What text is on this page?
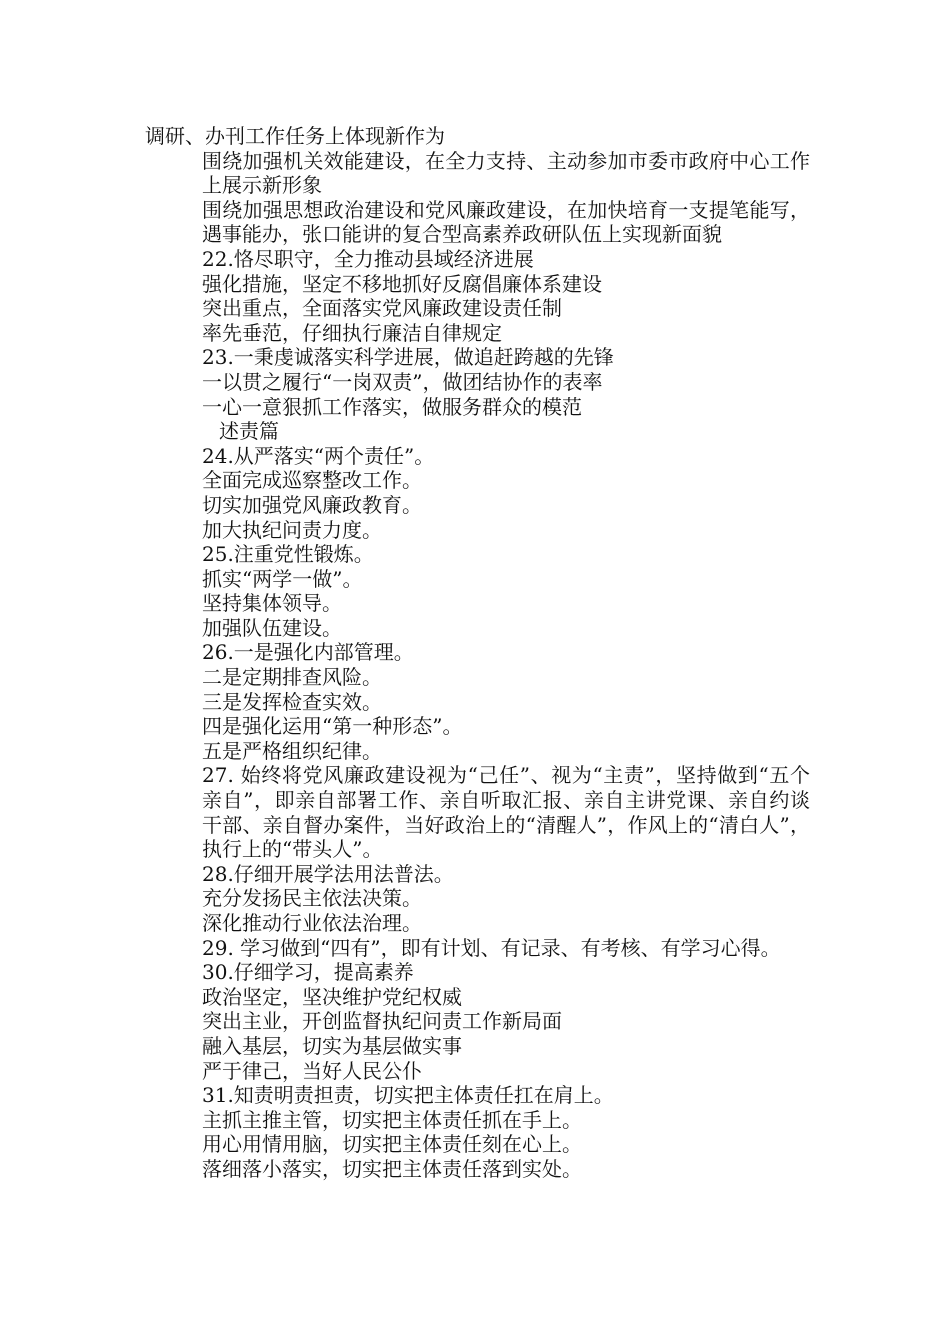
调研、办刊工作任务上体现新作为
围绕加强机关效能建设，在全力支持、主动参加市委市政府中心工作上展示新形象
围绕加强思想政治建设和党风廉政建设，在加快培育一支提笔能写，遇事能办，张口能讲的复合型高素养政研队伍上实现新面貌
22.恪尽职守，全力推动县域经济进展
强化措施，坚定不移地抓好反腐倡廉体系建设
突出重点，全面落实党风廉政建设责任制
率先垂范，仔细执行廉洁自律规定
23.一秉虔诚落实科学进展，做追赶跨越的先锋
一以贯之履行“一岗双责”，做团结协作的表率
一心一意狠抓工作落实，做服务群众的模范
述责篇
24.从严落实“两个责任”。
全面完成巡察整改工作。
切实加强党风廉政教育。
加大执纪问责力度。
25.注重党性锻炼。
抓实“两学一做”。
坚持集体领导。
加强队伍建设。
26.一是强化内部管理。
二是定期排查风险。
三是发挥检查实效。
四是强化运用“第一种形态”。
五是严格组织纪律。
27. 始终将党风廉政建设视为“己任”、视为“主责”，坚持做到“五个亲自”，即亲自部署工作、亲自听取汇报、亲自主讲党课、亲自约谈干部、亲自督办案件，当好政治上的“清醒人”，作风上的“清白人”，执行上的“带头人”。
28.仔细开展学法用法普法。
充分发扬民主依法决策。
深化推动行业依法治理。
29. 学习做到“四有”，即有计划、有记录、有考核、有学习心得。
30.仔细学习，提高素养
政治坚定，坚决维护党纪权威
突出主业，开创监督执纪问责工作新局面
融入基层，切实为基层做实事
严于律己，当好人民公仆
31.知责明责担责，切实把主体责任扛在肩上。
主抓主推主管，切实把主体责任抓在手上。
用心用情用脑，切实把主体责任刻在心上。
落细落小落实，切实把主体责任落到实处。
